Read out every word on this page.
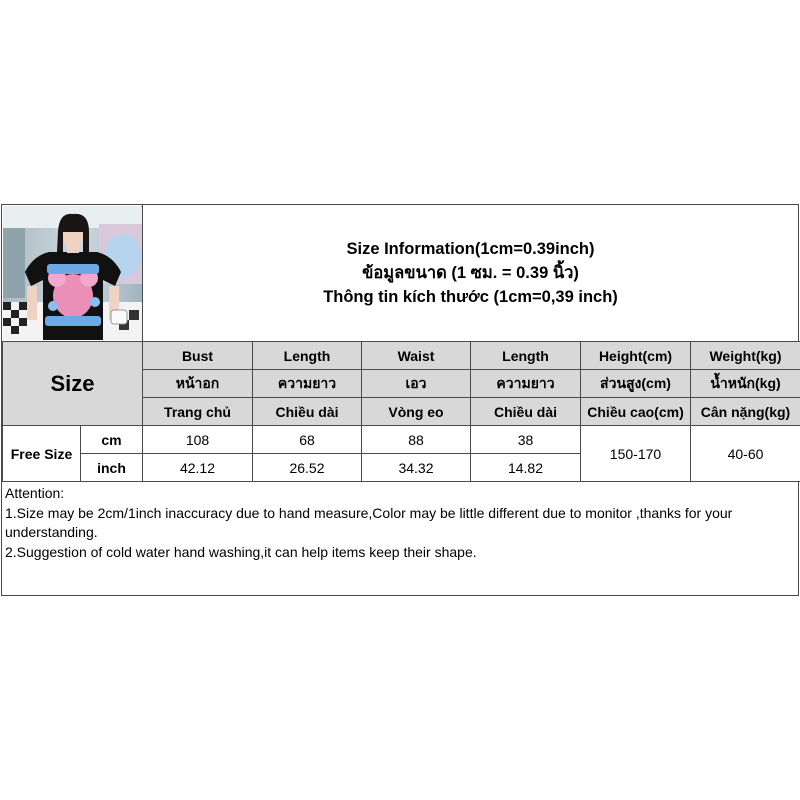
Size Information(1cm=0.39inch)
ข้อมูลขนาด (1 ซม. = 0.39 นิ้ว)
Thông tin kích thước (1cm=0,39 inch)
Size		Bust	Length	Waist	Length	Height(cm)	Weight(kg)
		หน้าอก	ความยาว	เอว	ความยาว	ส่วนสูง(cm)	น้ำหนัก(kg)
		Trang chủ	Chiều dài	Vòng eo	Chiều dài	Chiều cao(cm)	Cân nặng(kg)
Free Size	cm	108	68	88	38	150-170	40-60
	inch	42.12	26.52	34.32	14.82		
Attention:
1.Size may be 2cm/1inch inaccuracy due to hand measure,Color may be little different due to monitor ,thanks for your understanding.
2.Suggestion of cold water hand washing,it can help items keep their shape.
